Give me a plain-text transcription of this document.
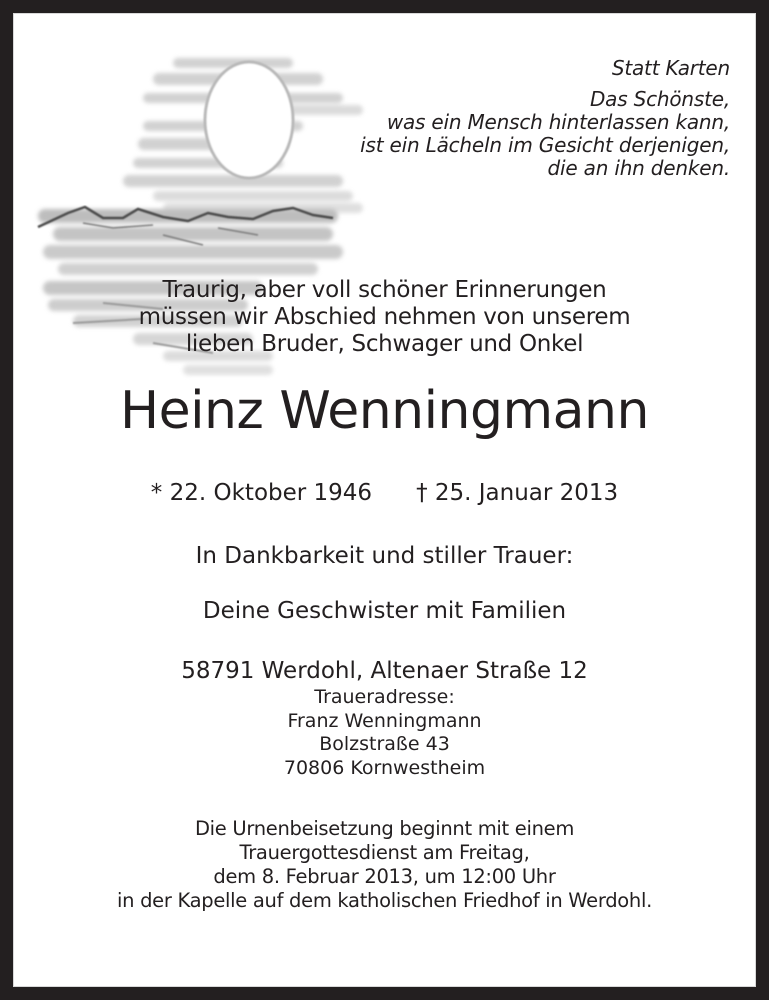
Statt Karten
Das Schönste,
was ein Mensch hinterlassen kann,
ist ein Lächeln im Gesicht derjenigen,
die an ihn denken.
Traurig, aber voll schöner Erinnerungen
müssen wir Abschied nehmen von unserem
lieben Bruder, Schwager und Onkel
Heinz Wenningmann
* 22. Oktober 1946 † 25. Januar 2013
In Dankbarkeit und stiller Trauer:
Deine Geschwister mit Familien
58791 Werdohl, Altenaer Straße 12
Traueradresse:
Franz Wenningmann
Bolzstraße 43
70806 Kornwestheim
Die Urnenbeisetzung beginnt mit einem
Trauergottesdienst am Freitag,
dem 8. Februar 2013, um 12:00 Uhr
in der Kapelle auf dem katholischen Friedhof in Werdohl.
